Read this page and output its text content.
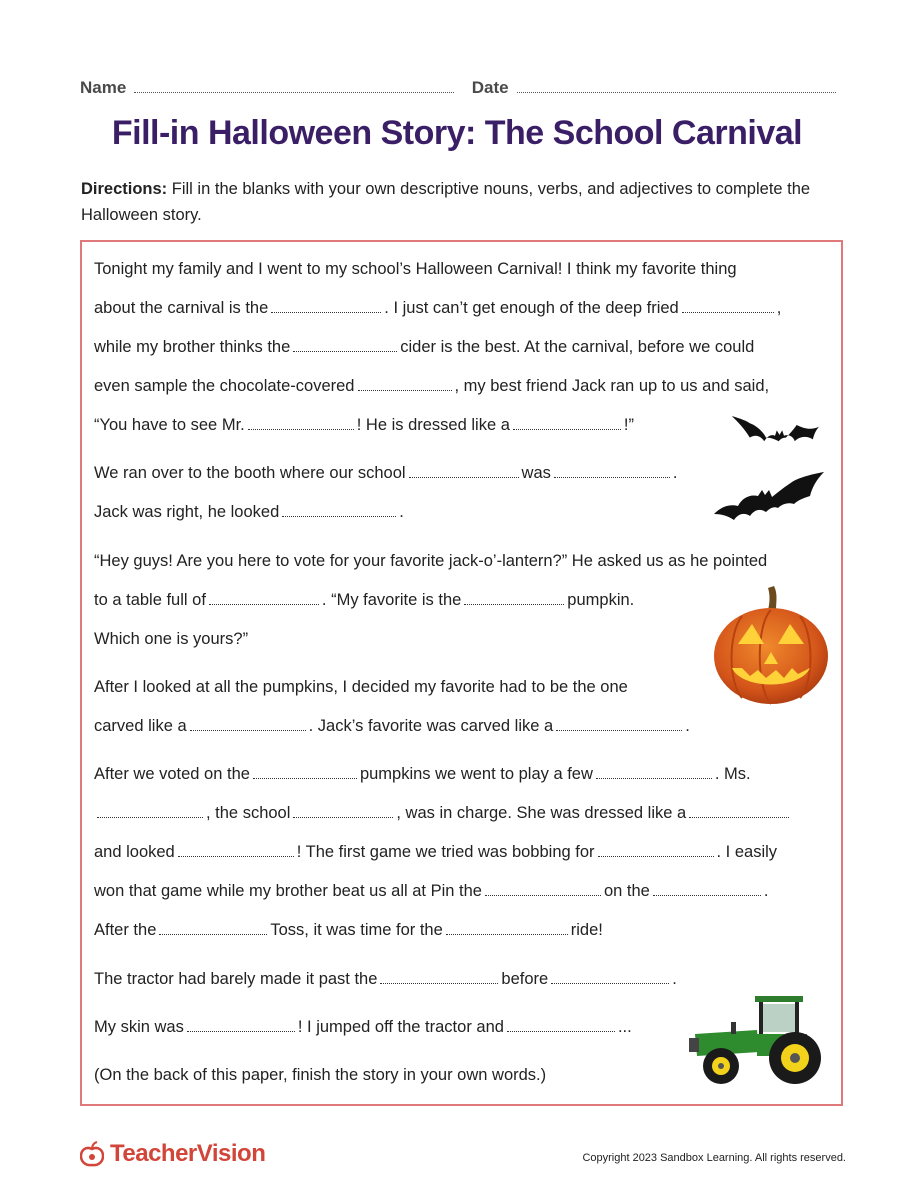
Name	Date
Fill-in Halloween Story: The School Carnival
Directions: Fill in the blanks with your own descriptive nouns, verbs, and adjectives to complete the Halloween story.
Tonight my family and I went to my school’s Halloween Carnival! I think my favorite thing
about the carnival is the	. I just can’t get enough of the deep fried	,
while my brother thinks the	cider is the best. At the carnival, before we could
even sample the chocolate-covered	, my best friend Jack ran up to us and said,
“You have to see Mr.	! He is dressed like a	!”
We ran over to the booth where our school	was	.
Jack was right, he looked	.
“Hey guys! Are you here to vote for your favorite jack-o’-lantern?” He asked us as he pointed
to a table full of	. “My favorite is the	pumpkin.
Which one is yours?”
After I looked at all the pumpkins, I decided my favorite had to be the one
carved like a	. Jack’s favorite was carved like a	.
After we voted on the	pumpkins we went to play a few	. Ms.
, the school	, was in charge. She was dressed like a
and looked	! The first game we tried was bobbing for	. I easily
won that game while my brother beat us all at Pin the	on the	.
After the	Toss, it was time for the	ride!
The tractor had barely made it past the	before	.
My skin was	! I jumped off the tractor and	...
(On the back of this paper, finish the story in your own words.)
TeacherVision	Copyright 2023 Sandbox Learning. All rights reserved.
